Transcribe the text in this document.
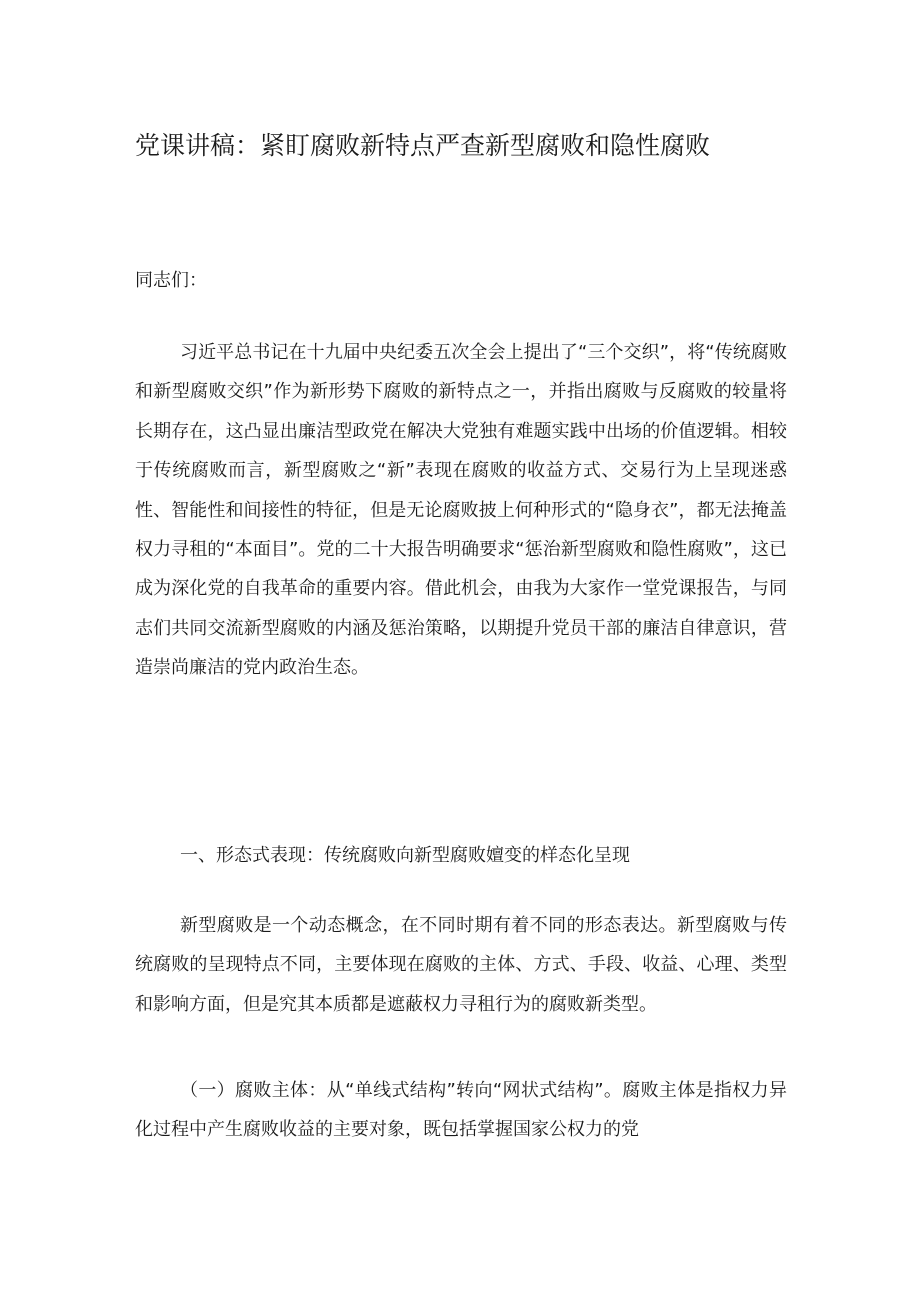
党课讲稿：紧盯腐败新特点严查新型腐败和隐性腐败

同志们：

习近平总书记在十九届中央纪委五次全会上提出了“三个交织”，将“传统腐败和新型腐败交织”作为新形势下腐败的新特点之一，并指出腐败与反腐败的较量将长期存在，这凸显出廉洁型政党在解决大党独有难题实践中出场的价值逻辑。相较于传统腐败而言，新型腐败之“新”表现在腐败的收益方式、交易行为上呈现迷惑性、智能性和间接性的特征，但是无论腐败披上何种形式的“隐身衣”，都无法掩盖权力寻租的“本面目”。党的二十大报告明确要求“惩治新型腐败和隐性腐败”，这已成为深化党的自我革命的重要内容。借此机会，由我为大家作一堂党课报告，与同志们共同交流新型腐败的内涵及惩治策略，以期提升党员干部的廉洁自律意识，营造崇尚廉洁的党内政治生态。

一、形态式表现：传统腐败向新型腐败嬗变的样态化呈现

新型腐败是一个动态概念，在不同时期有着不同的形态表达。新型腐败与传统腐败的呈现特点不同，主要体现在腐败的主体、方式、手段、收益、心理、类型和影响方面，但是究其本质都是遮蔽权力寻租行为的腐败新类型。

（一）腐败主体：从“单线式结构”转向“网状式结构”。腐败主体是指权力异化过程中产生腐败收益的主要对象，既包括掌握国家公权力的党
